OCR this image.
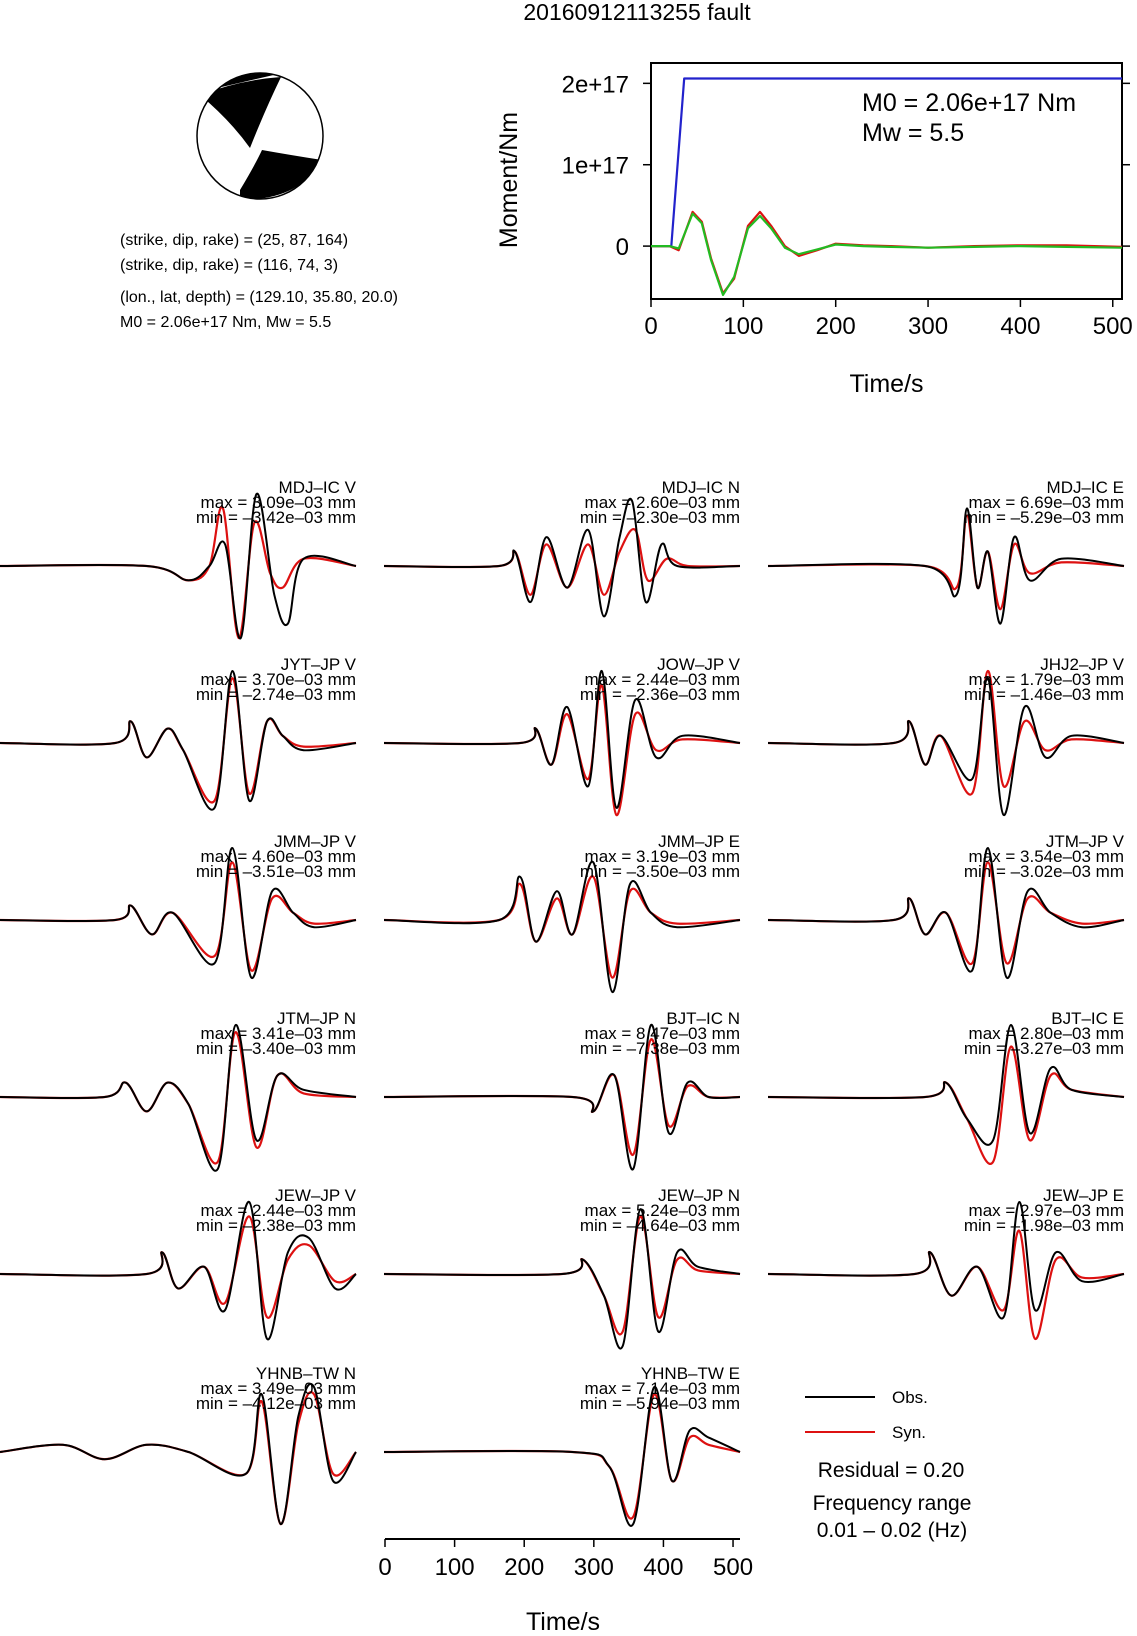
20160912113255 fault
(strike, dip, rake) = (25, 87, 164)
(strike, dip, rake) = (116, 74, 3)
(lon., lat, depth) = (129.10, 35.80, 20.0)
M0 = 2.06e+17 Nm, Mw = 5.5	0	100 200 300 400 500
0
1e+17
2e+17
Time/s
Moment/Nm
M0 = 2.06e+17 Nm
Mw = 5.5
MDJ–IC V
max = 3.09e–03 mm
min = –3.42e–03 mm
MDJ–IC N
max = 2.60e–03 mm
min = –2.30e–03 mm
MDJ–IC E
max = 6.69e–03 mm
min = –5.29e–03 mm
JYT–JP V
max = 3.70e–03 mm
min = –2.74e–03 mm
JOW–JP V
max = 2.44e–03 mm
min = –2.36e–03 mm
JHJ2–JP V
max = 1.79e–03 mm
min = –1.46e–03 mm
JMM–JP V
max = 4.60e–03 mm
min = –3.51e–03 mm
JMM–JP E
max = 3.19e–03 mm
min = –3.50e–03 mm
JTM–JP V
max = 3.54e–03 mm
min = –3.02e–03 mm
JTM–JP N
max = 3.41e–03 mm
min = –3.40e–03 mm
BJT–IC N
max = 8.47e–03 mm
min = –7.38e–03 mm
BJT–IC E
max = 2.80e–03 mm
min = –3.27e–03 mm
JEW–JP V
max = 2.44e–03 mm
min = –2.38e–03 mm
JEW–JP N
max = 5.24e–03 mm
min = –4.64e–03 mm
JEW–JP E
max = 2.97e–03 mm
min = –1.98e–03 mm
YHNB–TW N
max = 3.49e–03 mm
min = –4.12e–03 mm
YHNB–TW E
max = 7.14e–03 mm
min = –5.94e–03 mm
0 100 200 300 400 500
Time/s
Obs.
Syn.
Residual = 0.20
Frequency range
0.01 – 0.02 (Hz)
